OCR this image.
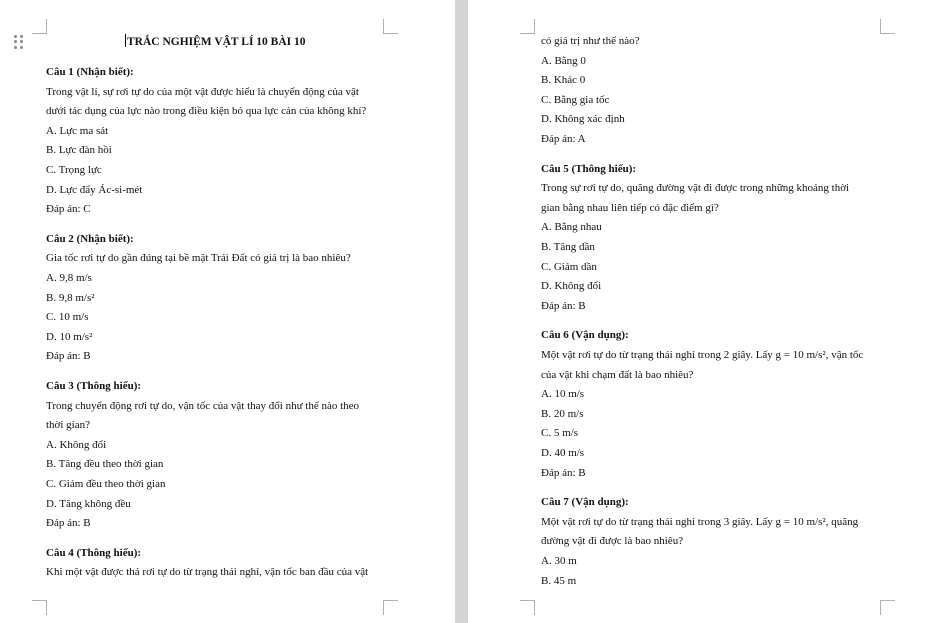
TRẮC NGHIỆM VẬT LÍ 10 BÀI 10
Câu 1 (Nhận biết):
Trong vật lí, sự rơi tự do của một vật được hiểu là chuyển động của vật
dưới tác dụng của lực nào trong điều kiện bỏ qua lực cản của không khí?
A. Lực ma sát
B. Lực đàn hồi
C. Trọng lực
D. Lực đẩy Ác-si-mét
Đáp án: C
Câu 2 (Nhận biết):
Gia tốc rơi tự do gần đúng tại bề mặt Trái Đất có giá trị là bao nhiêu?
A. 9,8 m/s
B. 9,8 m/s²
C. 10 m/s
D. 10 m/s²
Đáp án: B
Câu 3 (Thông hiểu):
Trong chuyển động rơi tự do, vận tốc của vật thay đổi như thế nào theo
thời gian?
A. Không đổi
B. Tăng đều theo thời gian
C. Giảm đều theo thời gian
D. Tăng không đều
Đáp án: B
Câu 4 (Thông hiểu):
Khi một vật được thả rơi tự do từ trạng thái nghỉ, vận tốc ban đầu của vật
có giá trị như thế nào?
A. Bằng 0
B. Khác 0
C. Bằng gia tốc
D. Không xác định
Đáp án: A
Câu 5 (Thông hiểu):
Trong sự rơi tự do, quãng đường vật đi được trong những khoảng thời
gian bằng nhau liên tiếp có đặc điểm gì?
A. Bằng nhau
B. Tăng dần
C. Giảm dần
D. Không đổi
Đáp án: B
Câu 6 (Vận dụng):
Một vật rơi tự do từ trạng thái nghỉ trong 2 giây. Lấy g = 10 m/s², vận tốc
của vật khi chạm đất là bao nhiêu?
A. 10 m/s
B. 20 m/s
C. 5 m/s
D. 40 m/s
Đáp án: B
Câu 7 (Vận dụng):
Một vật rơi tự do từ trạng thái nghỉ trong 3 giây. Lấy g = 10 m/s², quãng
đường vật đi được là bao nhiêu?
A. 30 m
B. 45 m
